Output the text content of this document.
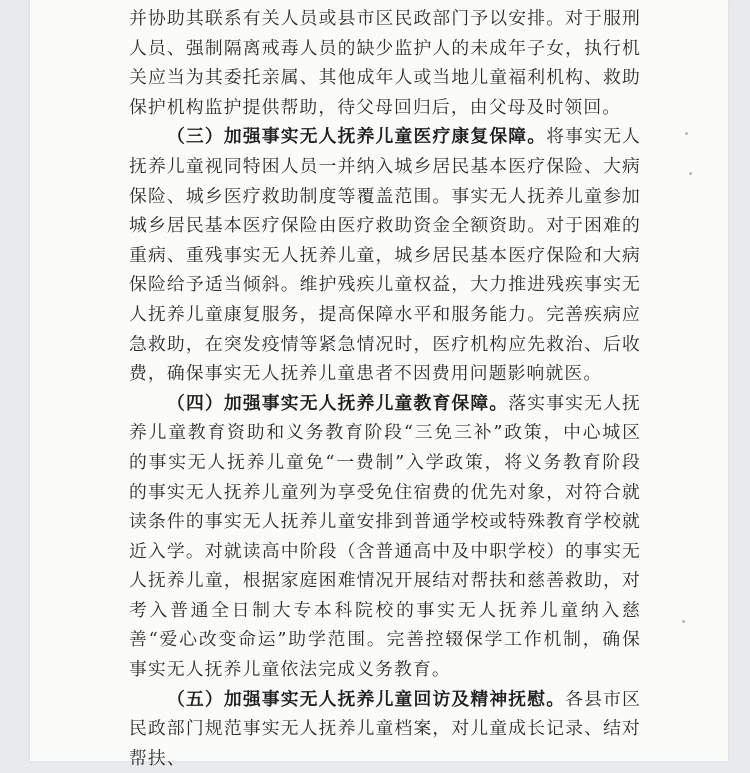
并协助其联系有关人员或县市区民政部门予以安排。对于服刑人员、强制隔离戒毒人员的缺少监护人的未成年子女，执行机关应当为其委托亲属、其他成年人或当地儿童福利机构、救助保护机构监护提供帮助，待父母回归后，由父母及时领回。

（三）加强事实无人抚养儿童医疗康复保障。将事实无人抚养儿童视同特困人员一并纳入城乡居民基本医疗保险、大病保险、城乡医疗救助制度等覆盖范围。事实无人抚养儿童参加城乡居民基本医疗保险由医疗救助资金全额资助。对于困难的重病、重残事实无人抚养儿童，城乡居民基本医疗保险和大病保险给予适当倾斜。维护残疾儿童权益，大力推进残疾事实无人抚养儿童康复服务，提高保障水平和服务能力。完善疾病应急救助，在突发疫情等紧急情况时，医疗机构应先救治、后收费，确保事实无人抚养儿童患者不因费用问题影响就医。

（四）加强事实无人抚养儿童教育保障。落实事实无人抚养儿童教育资助和义务教育阶段“三免三补”政策，中心城区的事实无人抚养儿童免“一费制”入学政策，将义务教育阶段的事实无人抚养儿童列为享受免住宿费的优先对象，对符合就读条件的事实无人抚养儿童安排到普通学校或特殊教育学校就近入学。对就读高中阶段（含普通高中及中职学校）的事实无人抚养儿童，根据家庭困难情况开展结对帮扶和慈善救助，对考入普通全日制大专本科院校的事实无人抚养儿童纳入慈善“爱心改变命运”助学范围。完善控辍保学工作机制，确保事实无人抚养儿童依法完成义务教育。

（五）加强事实无人抚养儿童回访及精神抚慰。各县市区民政部门规范事实无人抚养儿童档案，对儿童成长记录、结对帮扶、
